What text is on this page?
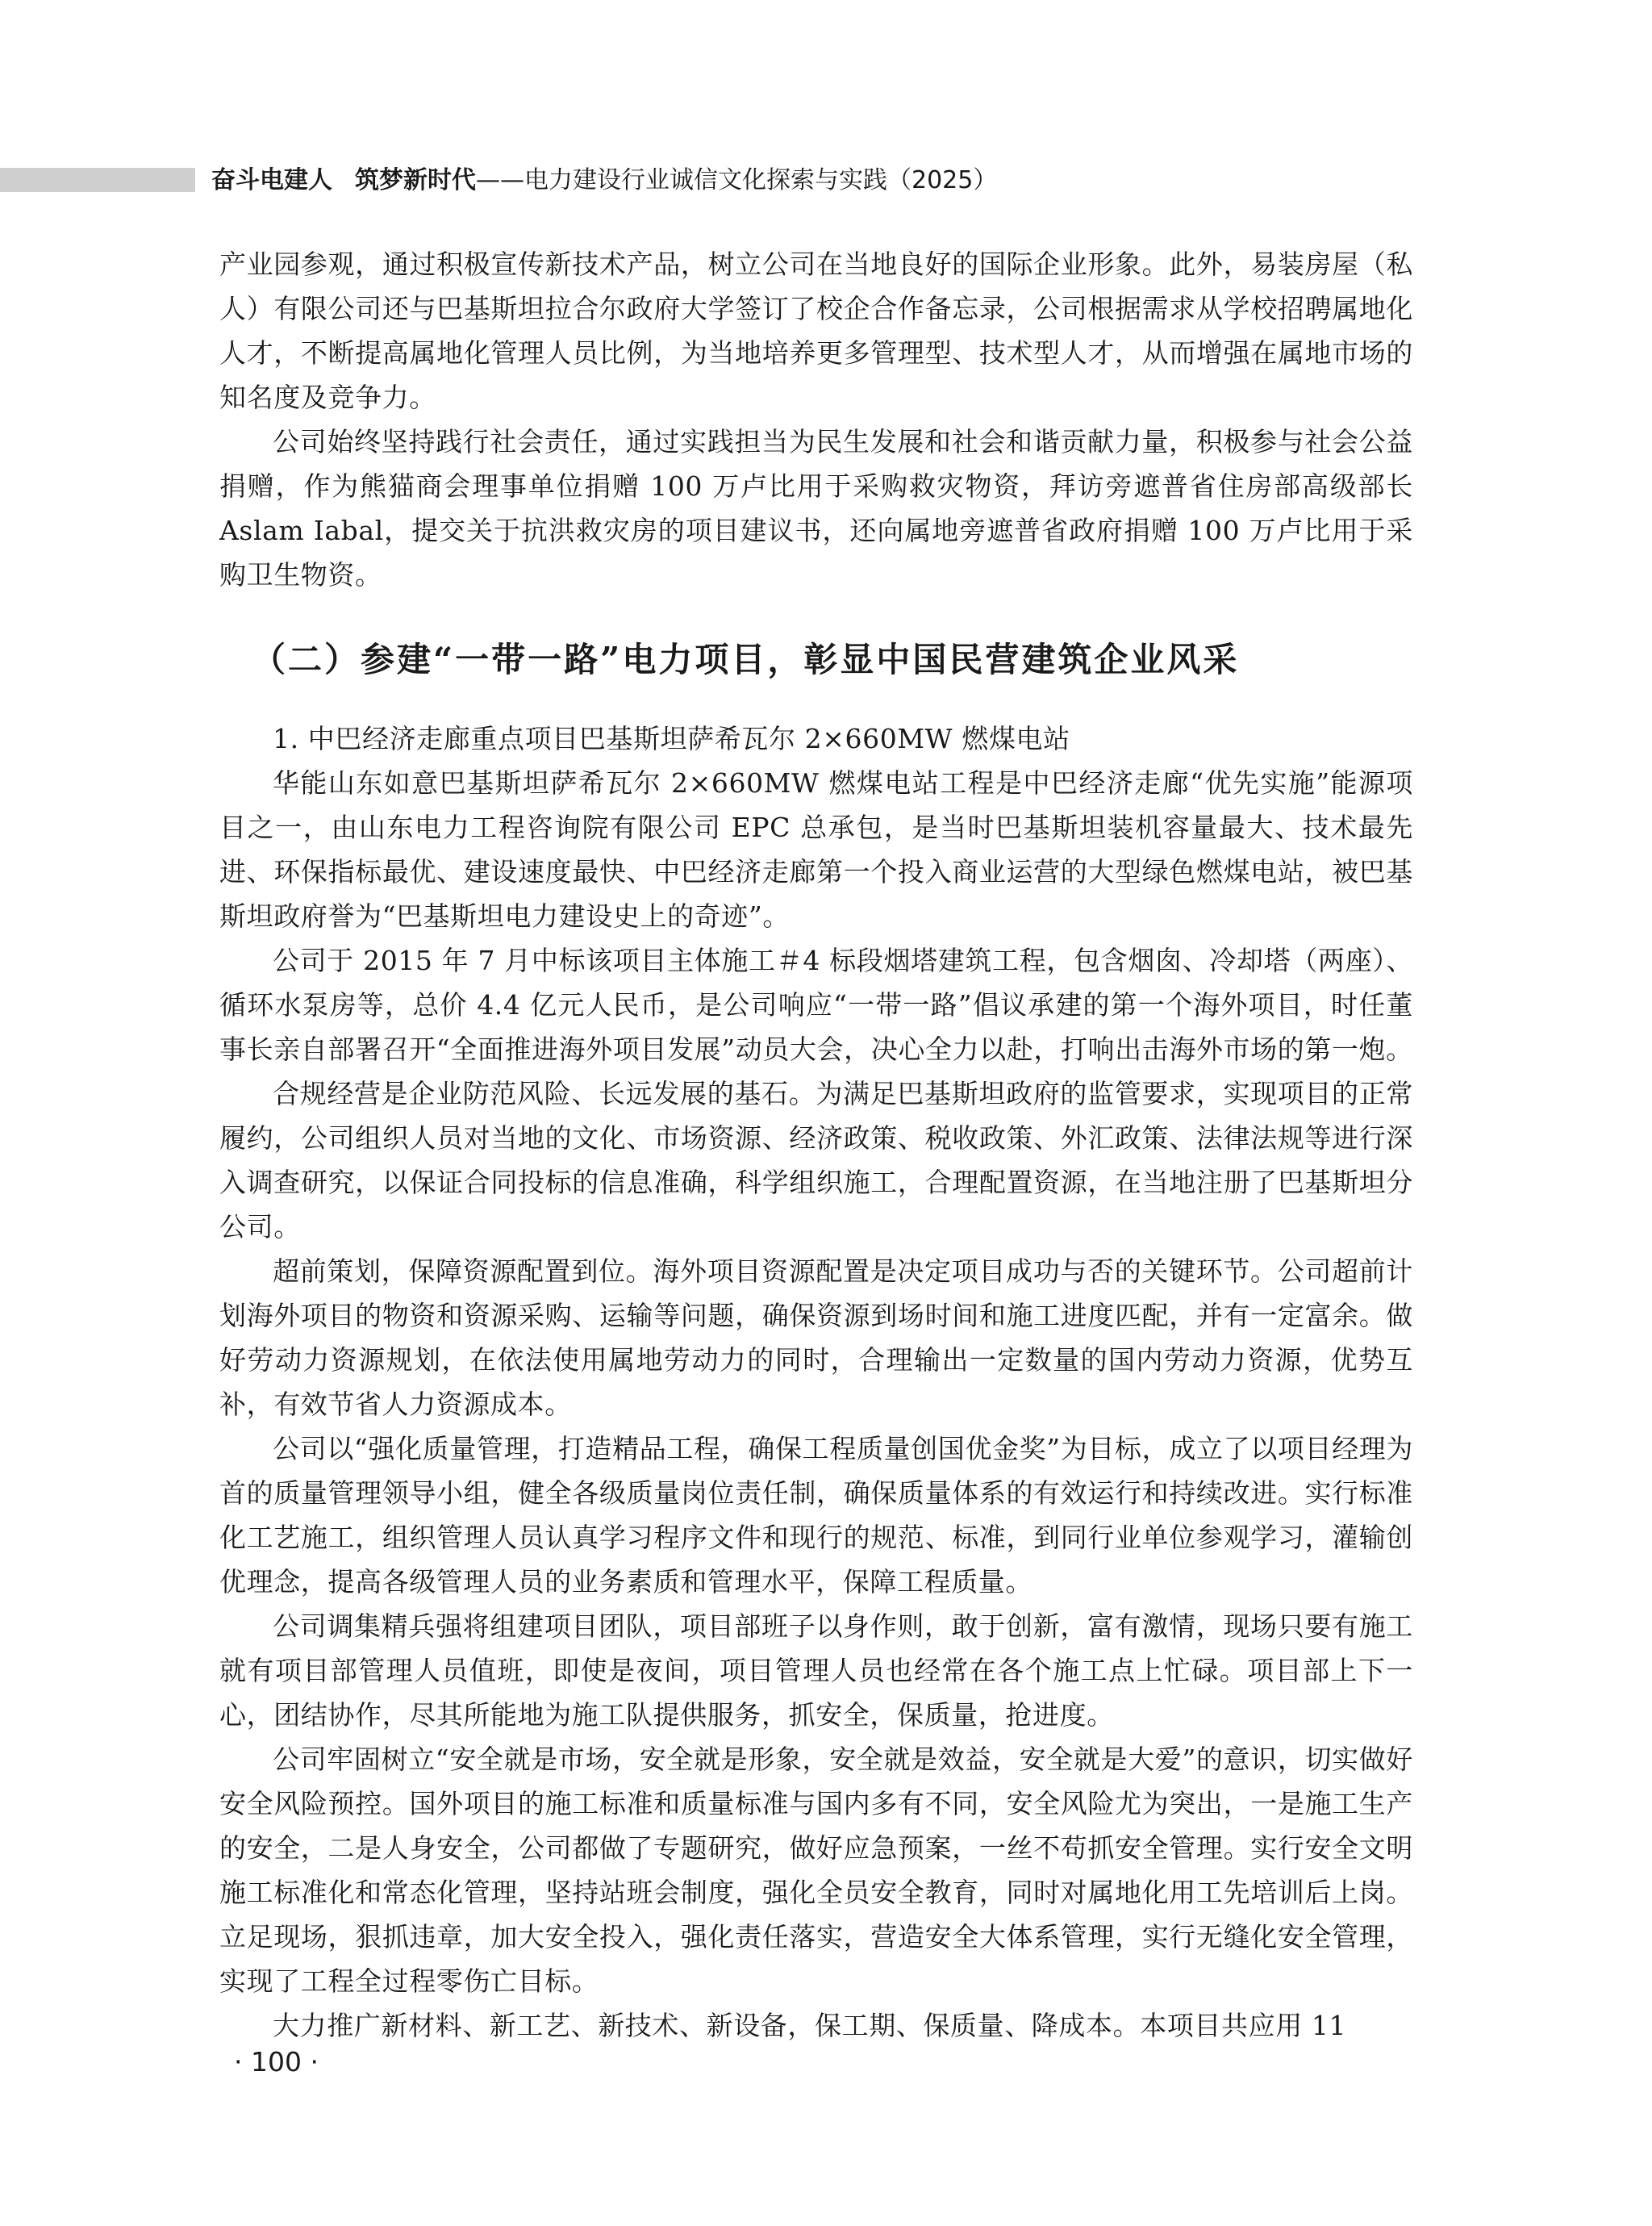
奋斗电建人 筑梦新时代——电力建设行业诚信文化探索与实践（2025）

产业园参观，通过积极宣传新技术产品，树立公司在当地良好的国际企业形象。此外，易装房屋（私人）有限公司还与巴基斯坦拉合尔政府大学签订了校企合作备忘录，公司根据需求从学校招聘属地化人才，不断提高属地化管理人员比例，为当地培养更多管理型、技术型人才，从而增强在属地市场的知名度及竞争力。

公司始终坚持践行社会责任，通过实践担当为民生发展和社会和谐贡献力量，积极参与社会公益捐赠，作为熊猫商会理事单位捐赠 100 万卢比用于采购救灾物资，拜访旁遮普省住房部高级部长 Aslam Iabal，提交关于抗洪救灾房的项目建议书，还向属地旁遮普省政府捐赠 100 万卢比用于采购卫生物资。

（二）参建“一带一路”电力项目，彰显中国民营建筑企业风采

1. 中巴经济走廊重点项目巴基斯坦萨希瓦尔 2×660MW 燃煤电站

华能山东如意巴基斯坦萨希瓦尔 2×660MW 燃煤电站工程是中巴经济走廊“优先实施”能源项目之一，由山东电力工程咨询院有限公司 EPC 总承包，是当时巴基斯坦装机容量最大、技术最先进、环保指标最优、建设速度最快、中巴经济走廊第一个投入商业运营的大型绿色燃煤电站，被巴基斯坦政府誉为“巴基斯坦电力建设史上的奇迹”。

公司于 2015 年 7 月中标该项目主体施工＃4 标段烟塔建筑工程，包含烟囱、冷却塔（两座）、循环水泵房等，总价 4.4 亿元人民币，是公司响应“一带一路”倡议承建的第一个海外项目，时任董事长亲自部署召开“全面推进海外项目发展”动员大会，决心全力以赴，打响出击海外市场的第一炮。

合规经营是企业防范风险、长远发展的基石。为满足巴基斯坦政府的监管要求，实现项目的正常履约，公司组织人员对当地的文化、市场资源、经济政策、税收政策、外汇政策、法律法规等进行深入调查研究，以保证合同投标的信息准确，科学组织施工，合理配置资源，在当地注册了巴基斯坦分公司。

超前策划，保障资源配置到位。海外项目资源配置是决定项目成功与否的关键环节。公司超前计划海外项目的物资和资源采购、运输等问题，确保资源到场时间和施工进度匹配，并有一定富余。做好劳动力资源规划，在依法使用属地劳动力的同时，合理输出一定数量的国内劳动力资源，优势互补，有效节省人力资源成本。

公司以“强化质量管理，打造精品工程，确保工程质量创国优金奖”为目标，成立了以项目经理为首的质量管理领导小组，健全各级质量岗位责任制，确保质量体系的有效运行和持续改进。实行标准化工艺施工，组织管理人员认真学习程序文件和现行的规范、标准，到同行业单位参观学习，灌输创优理念，提高各级管理人员的业务素质和管理水平，保障工程质量。

公司调集精兵强将组建项目团队，项目部班子以身作则，敢于创新，富有激情，现场只要有施工就有项目部管理人员值班，即使是夜间，项目管理人员也经常在各个施工点上忙碌。项目部上下一心，团结协作，尽其所能地为施工队提供服务，抓安全，保质量，抢进度。

公司牢固树立“安全就是市场，安全就是形象，安全就是效益，安全就是大爱”的意识，切实做好安全风险预控。国外项目的施工标准和质量标准与国内多有不同，安全风险尤为突出，一是施工生产的安全，二是人身安全，公司都做了专题研究，做好应急预案，一丝不苟抓安全管理。实行安全文明施工标准化和常态化管理，坚持站班会制度，强化全员安全教育，同时对属地化用工先培训后上岗。立足现场，狠抓违章，加大安全投入，强化责任落实，营造安全大体系管理，实行无缝化安全管理，实现了工程全过程零伤亡目标。

大力推广新材料、新工艺、新技术、新设备，保工期、保质量、降成本。本项目共应用 11

· 100 ·
